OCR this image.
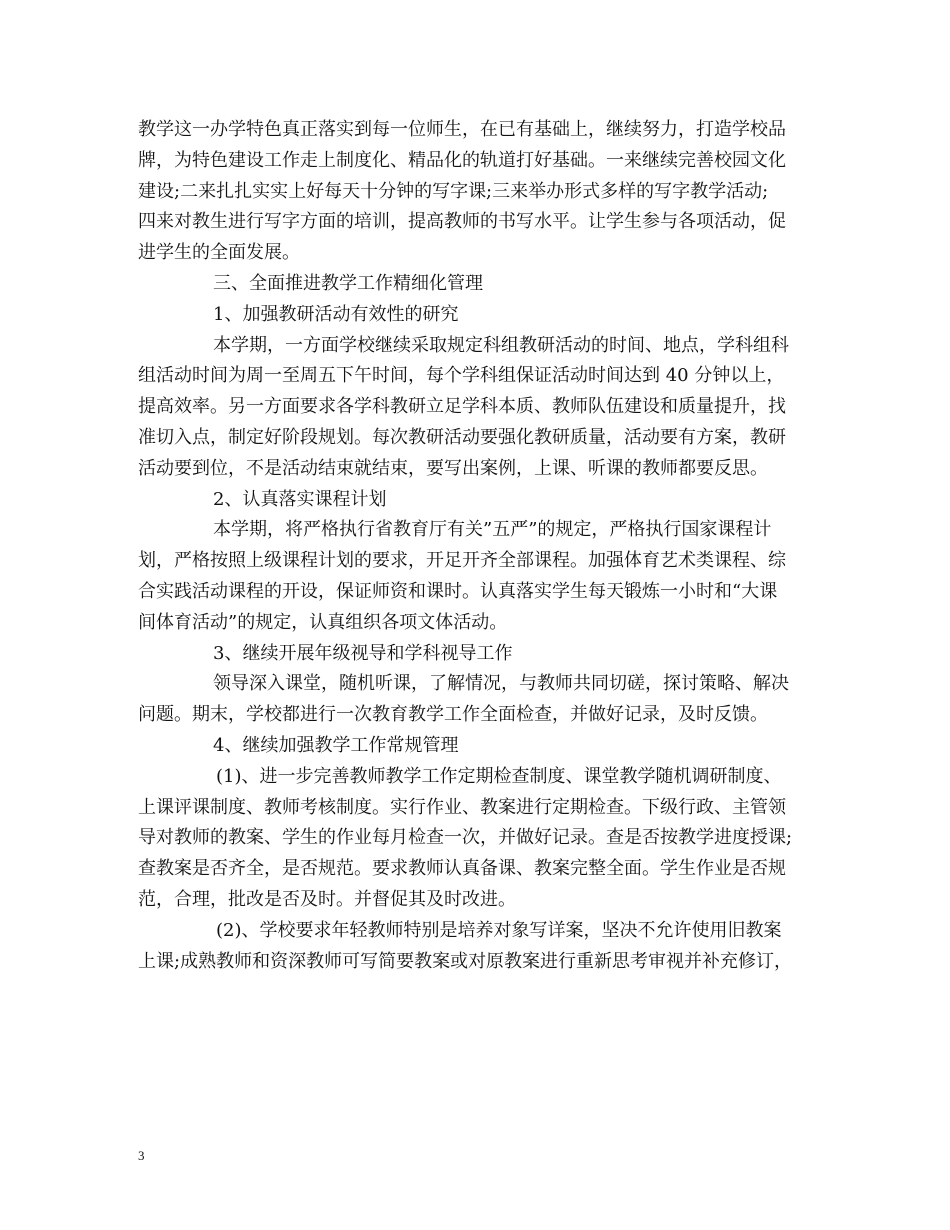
教学这一办学特色真正落实到每一位师生，在已有基础上，继续努力，打造学校品
牌，为特色建设工作走上制度化、精品化的轨道打好基础。一来继续完善校园文化
建设;二来扎扎实实上好每天十分钟的写字课;三来举办形式多样的写字教学活动;
四来对教生进行写字方面的培训，提高教师的书写水平。让学生参与各项活动，促
进学生的全面发展。
三、全面推进教学工作精细化管理
1、加强教研活动有效性的研究
本学期，一方面学校继续采取规定科组教研活动的时间、地点，学科组科
组活动时间为周一至周五下午时间，每个学科组保证活动时间达到 40 分钟以上，
提高效率。另一方面要求各学科教研立足学科本质、教师队伍建设和质量提升，找
准切入点，制定好阶段规划。每次教研活动要强化教研质量，活动要有方案，教研
活动要到位，不是活动结束就结束，要写出案例，上课、听课的教师都要反思。
2、认真落实课程计划
本学期，将严格执行省教育厅有关”五严”的规定，严格执行国家课程计
划，严格按照上级课程计划的要求，开足开齐全部课程。加强体育艺术类课程、综
合实践活动课程的开设，保证师资和课时。认真落实学生每天锻炼一小时和“大课
间体育活动”的规定，认真组织各项文体活动。
3、继续开展年级视导和学科视导工作
领导深入课堂，随机听课，了解情况，与教师共同切磋，探讨策略、解决
问题。期末，学校都进行一次教育教学工作全面检查，并做好记录，及时反馈。
4、继续加强教学工作常规管理
(1)、进一步完善教师教学工作定期检查制度、课堂教学随机调研制度、
上课评课制度、教师考核制度。实行作业、教案进行定期检查。下级行政、主管领
导对教师的教案、学生的作业每月检查一次，并做好记录。查是否按教学进度授课;
查教案是否齐全，是否规范。要求教师认真备课、教案完整全面。学生作业是否规
范，合理，批改是否及时。并督促其及时改进。
(2)、学校要求年轻教师特别是培养对象写详案，坚决不允许使用旧教案
上课;成熟教师和资深教师可写简要教案或对原教案进行重新思考审视并补充修订，
3
